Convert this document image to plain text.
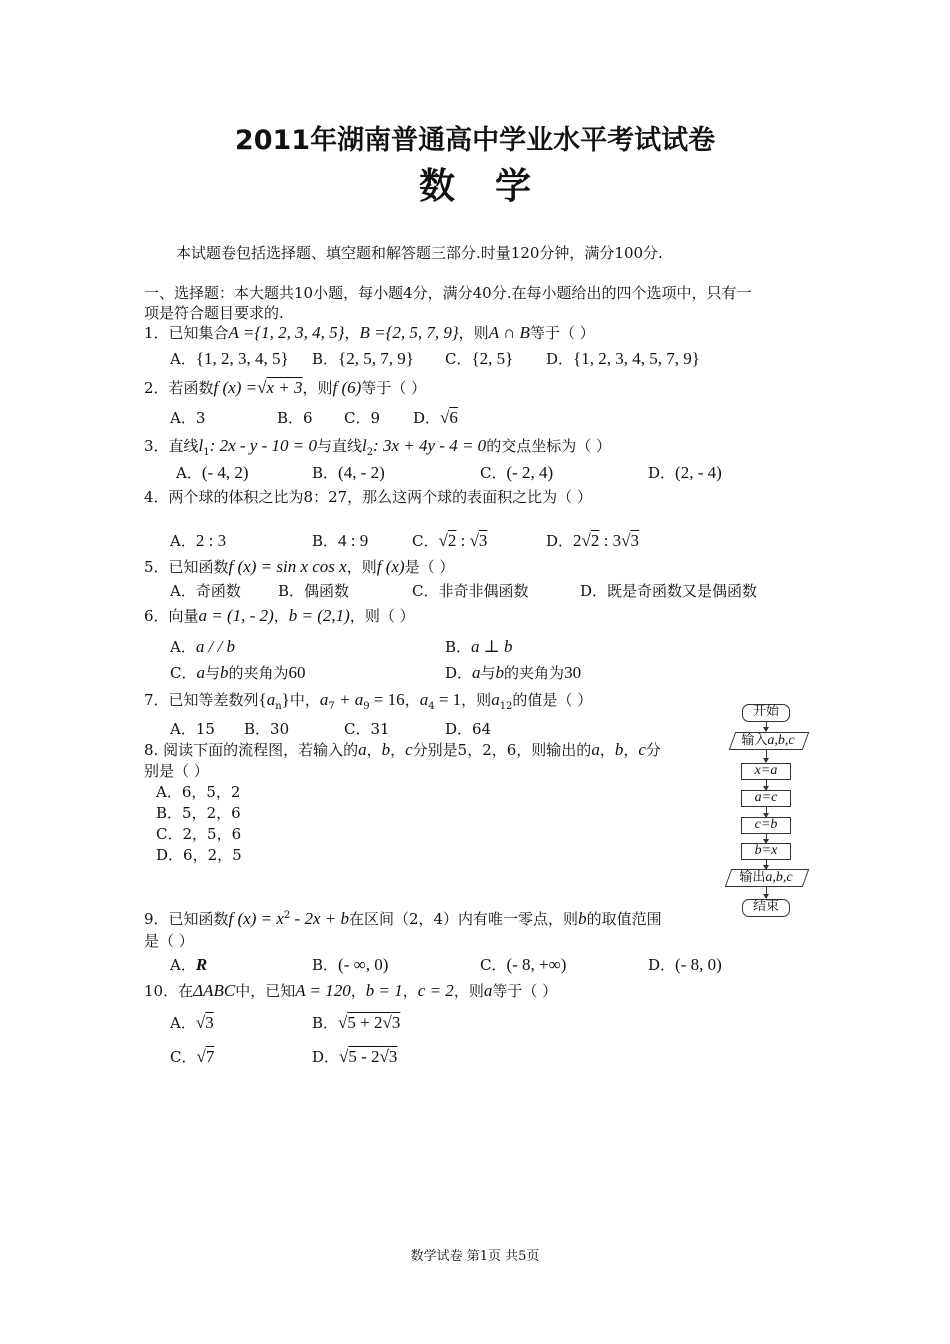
2011年湖南普通高中学业水平考试试卷
数学
本试题卷包括选择题、填空题和解答题三部分.时量120分钟，满分100分.
一、选择题：本大题共10小题，每小题4分，满分40分.在每小题给出的四个选项中，只有一
项是符合题目要求的.
1．已知集合A ={1, 2, 3, 4, 5}，B ={2, 5, 7, 9}，则A ∩ B等于（ ）
A．{1, 2, 3, 4, 5} B．{2, 5, 7, 9} C．{2, 5} D．{1, 2, 3, 4, 5, 7, 9}
2．若函数f (x) =√x + 3，则f (6)等于（ ）
A．3	B．6 C．9 D．√6
3．直线$l_1$: 2x - y - 10 = 0与直线$l_2$: 3x + 4y - 4 = 0的交点坐标为（ ）
A．(- 4, 2)	B．(4, - 2)	C．(- 2, 4)	D．(2, - 4)
4．两个球的体积之比为8：27，那么这两个球的表面积之比为（ ）
A．2 : 3	B．4 : 9	C．√2 : √3	D．2√2 : 3√3
5．已知函数f (x) = sin x cos x，则f (x)是（ ）
A．奇函数 B．偶函数	C．非奇非偶函数	D．既是奇函数又是偶函数
6．向量a = (1, - 2)，b = (2,1)，则（ ）
A．a / / b	B．a ⊥ b
C．a与b的夹角为60	D．a与b的夹角为30
7．已知等差数列$\{a_n\}$中，$a_7 + a_9 = 16$，$a_4 = 1$，则$a_{12}$的值是（ ）
A．15 B．30	C．31	D．64
8. 阅读下面的流程图，若输入的a，b，c分别是5，2，6，则输出的a，b，c分
别是（ ）
A．6，5，2
B．5，2，6
C．2，5，6
D．6，2，5
开始
输入a,b,c
x=a
a=c
c=b
b=x
输出a,b,c
结束
9．已知函数f $(x) = x^2 - 2x + b$在区间（2，4）内有唯一零点，则b的取值范围
是（ ）
A．R	B．(- ∞, 0)	C．(- 8, +∞)	D．(- 8, 0)
10．在ΔABC中，已知A = 120，b = 1，c = 2，则a等于（ ）
A．√3	B．√5 + 2√3
C．√7	D．√5 - 2√3
数学试卷 第1页 共5页
